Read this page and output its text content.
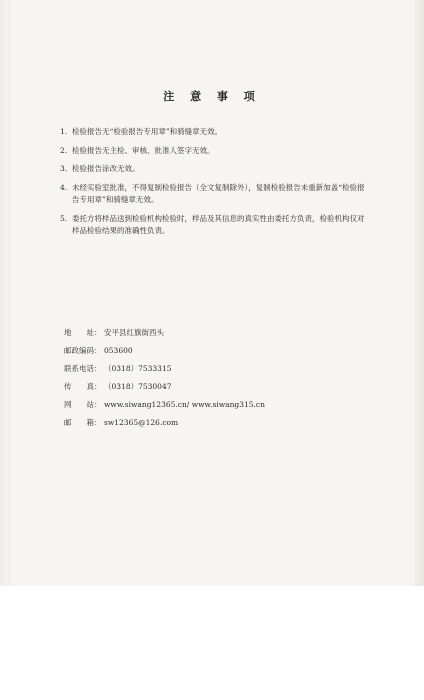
注 意 事 项
1. 检验报告无“检验报告专用章”和骑缝章无效。
2. 检验报告无主检、审核、批准人签字无效。
3. 检验报告涂改无效。
4. 未经实验室批准，不得复制检验报告（全文复制除外），复制检验报告未重新加盖“检验报告专用章”和骑缝章无效。
5. 委托方将样品送到检验机构检验时，样品及其信息的真实性由委托方负责，检验机构仅对样品检验结果的准确性负责。
地　　址： 安平县红旗街西头
邮政编码： 053600
联系电话： （0318）7533315
传　　真： （0318）7530047
网　　站： www.siwang12365.cn/ www.siwang315.cn
邮　　箱： sw12365@126.com
